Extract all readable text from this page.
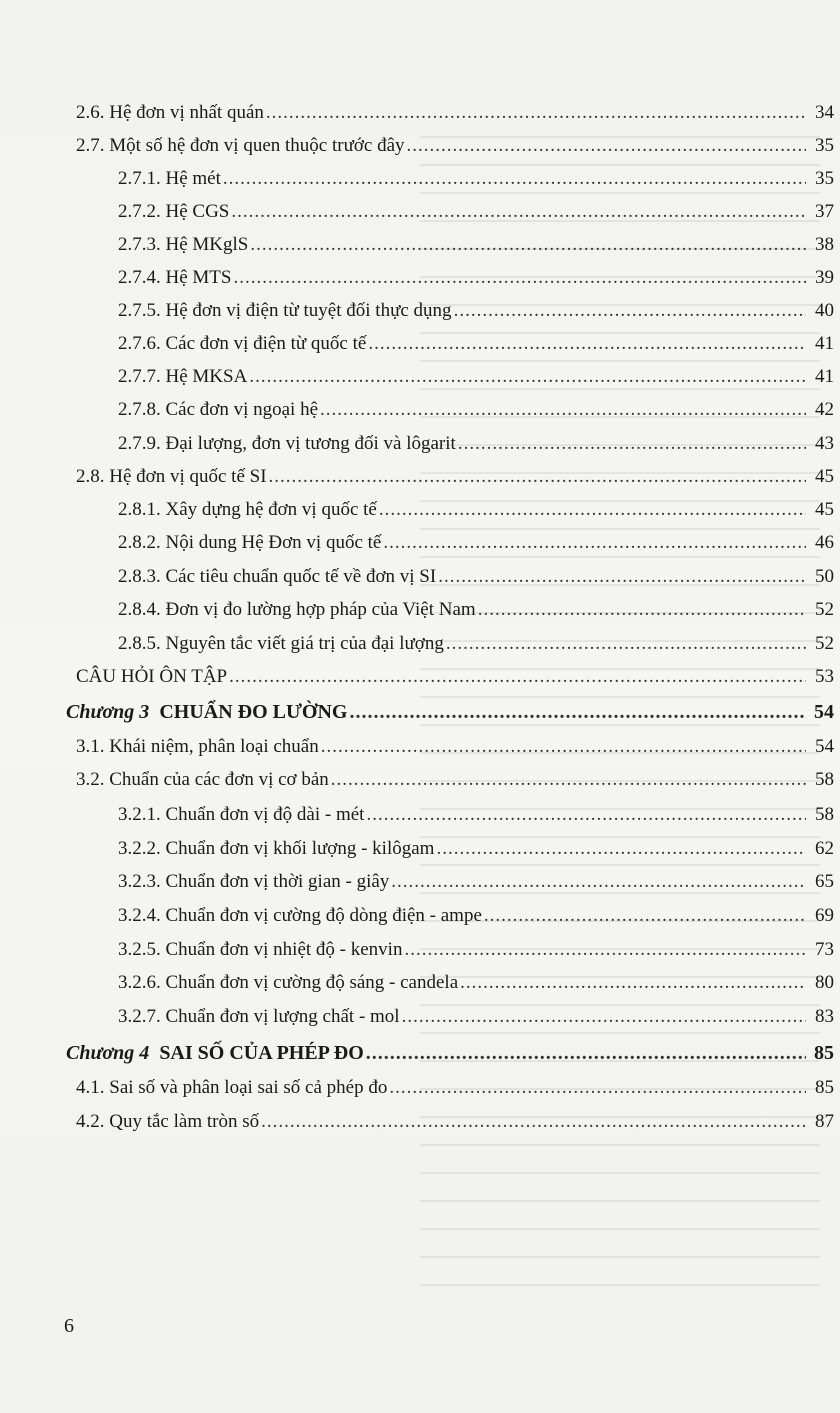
2.6. Hệ đơn vị nhất quán .....	34
2.7. Một số hệ đơn vị quen thuộc trước đây .....	35
2.7.1. Hệ mét .....	35
2.7.2. Hệ CGS .....	37
2.7.3. Hệ MKglS .....	38
2.7.4. Hệ MTS .....	39
2.7.5. Hệ đơn vị điện từ tuyệt đối thực dụng .....	40
2.7.6. Các đơn vị điện từ quốc tế .....	41
2.7.7. Hệ MKSA .....	41
2.7.8. Các đơn vị ngoại hệ .....	42
2.7.9. Đại lượng, đơn vị tương đối và lôgarit .....	43
2.8. Hệ đơn vị quốc tế SI .....	45
2.8.1. Xây dựng hệ đơn vị quốc tế .....	45
2.8.2. Nội dung Hệ Đơn vị quốc tế .....	46
2.8.3. Các tiêu chuẩn quốc tế về đơn vị SI .....	50
2.8.4. Đơn vị đo lường hợp pháp của Việt Nam .....	52
2.8.5. Nguyên tắc viết giá trị của đại lượng .....	52
CÂU HỎI ÔN TẬP .....	53
Chương 3 CHUẨN ĐO LƯỜNG .....	54
3.1. Khái niệm, phân loại chuẩn .....	54
3.2. Chuẩn của các đơn vị cơ bản .....	58
3.2.1. Chuẩn đơn vị độ dài - mét .....	58
3.2.2. Chuẩn đơn vị khối lượng - kilôgam .....	62
3.2.3. Chuẩn đơn vị thời gian - giây .....	65
3.2.4. Chuẩn đơn vị cường độ dòng điện - ampe .....	69
3.2.5. Chuẩn đơn vị nhiệt độ - kenvin .....	73
3.2.6. Chuẩn đơn vị cường độ sáng - candela .....	80
3.2.7. Chuẩn đơn vị lượng chất - mol .....	83
Chương 4 SAI SỐ CỦA PHÉP ĐO .....	85
4.1. Sai số và phân loại sai số cả phép đo .....	85
4.2. Quy tắc làm tròn số .....	87
6
